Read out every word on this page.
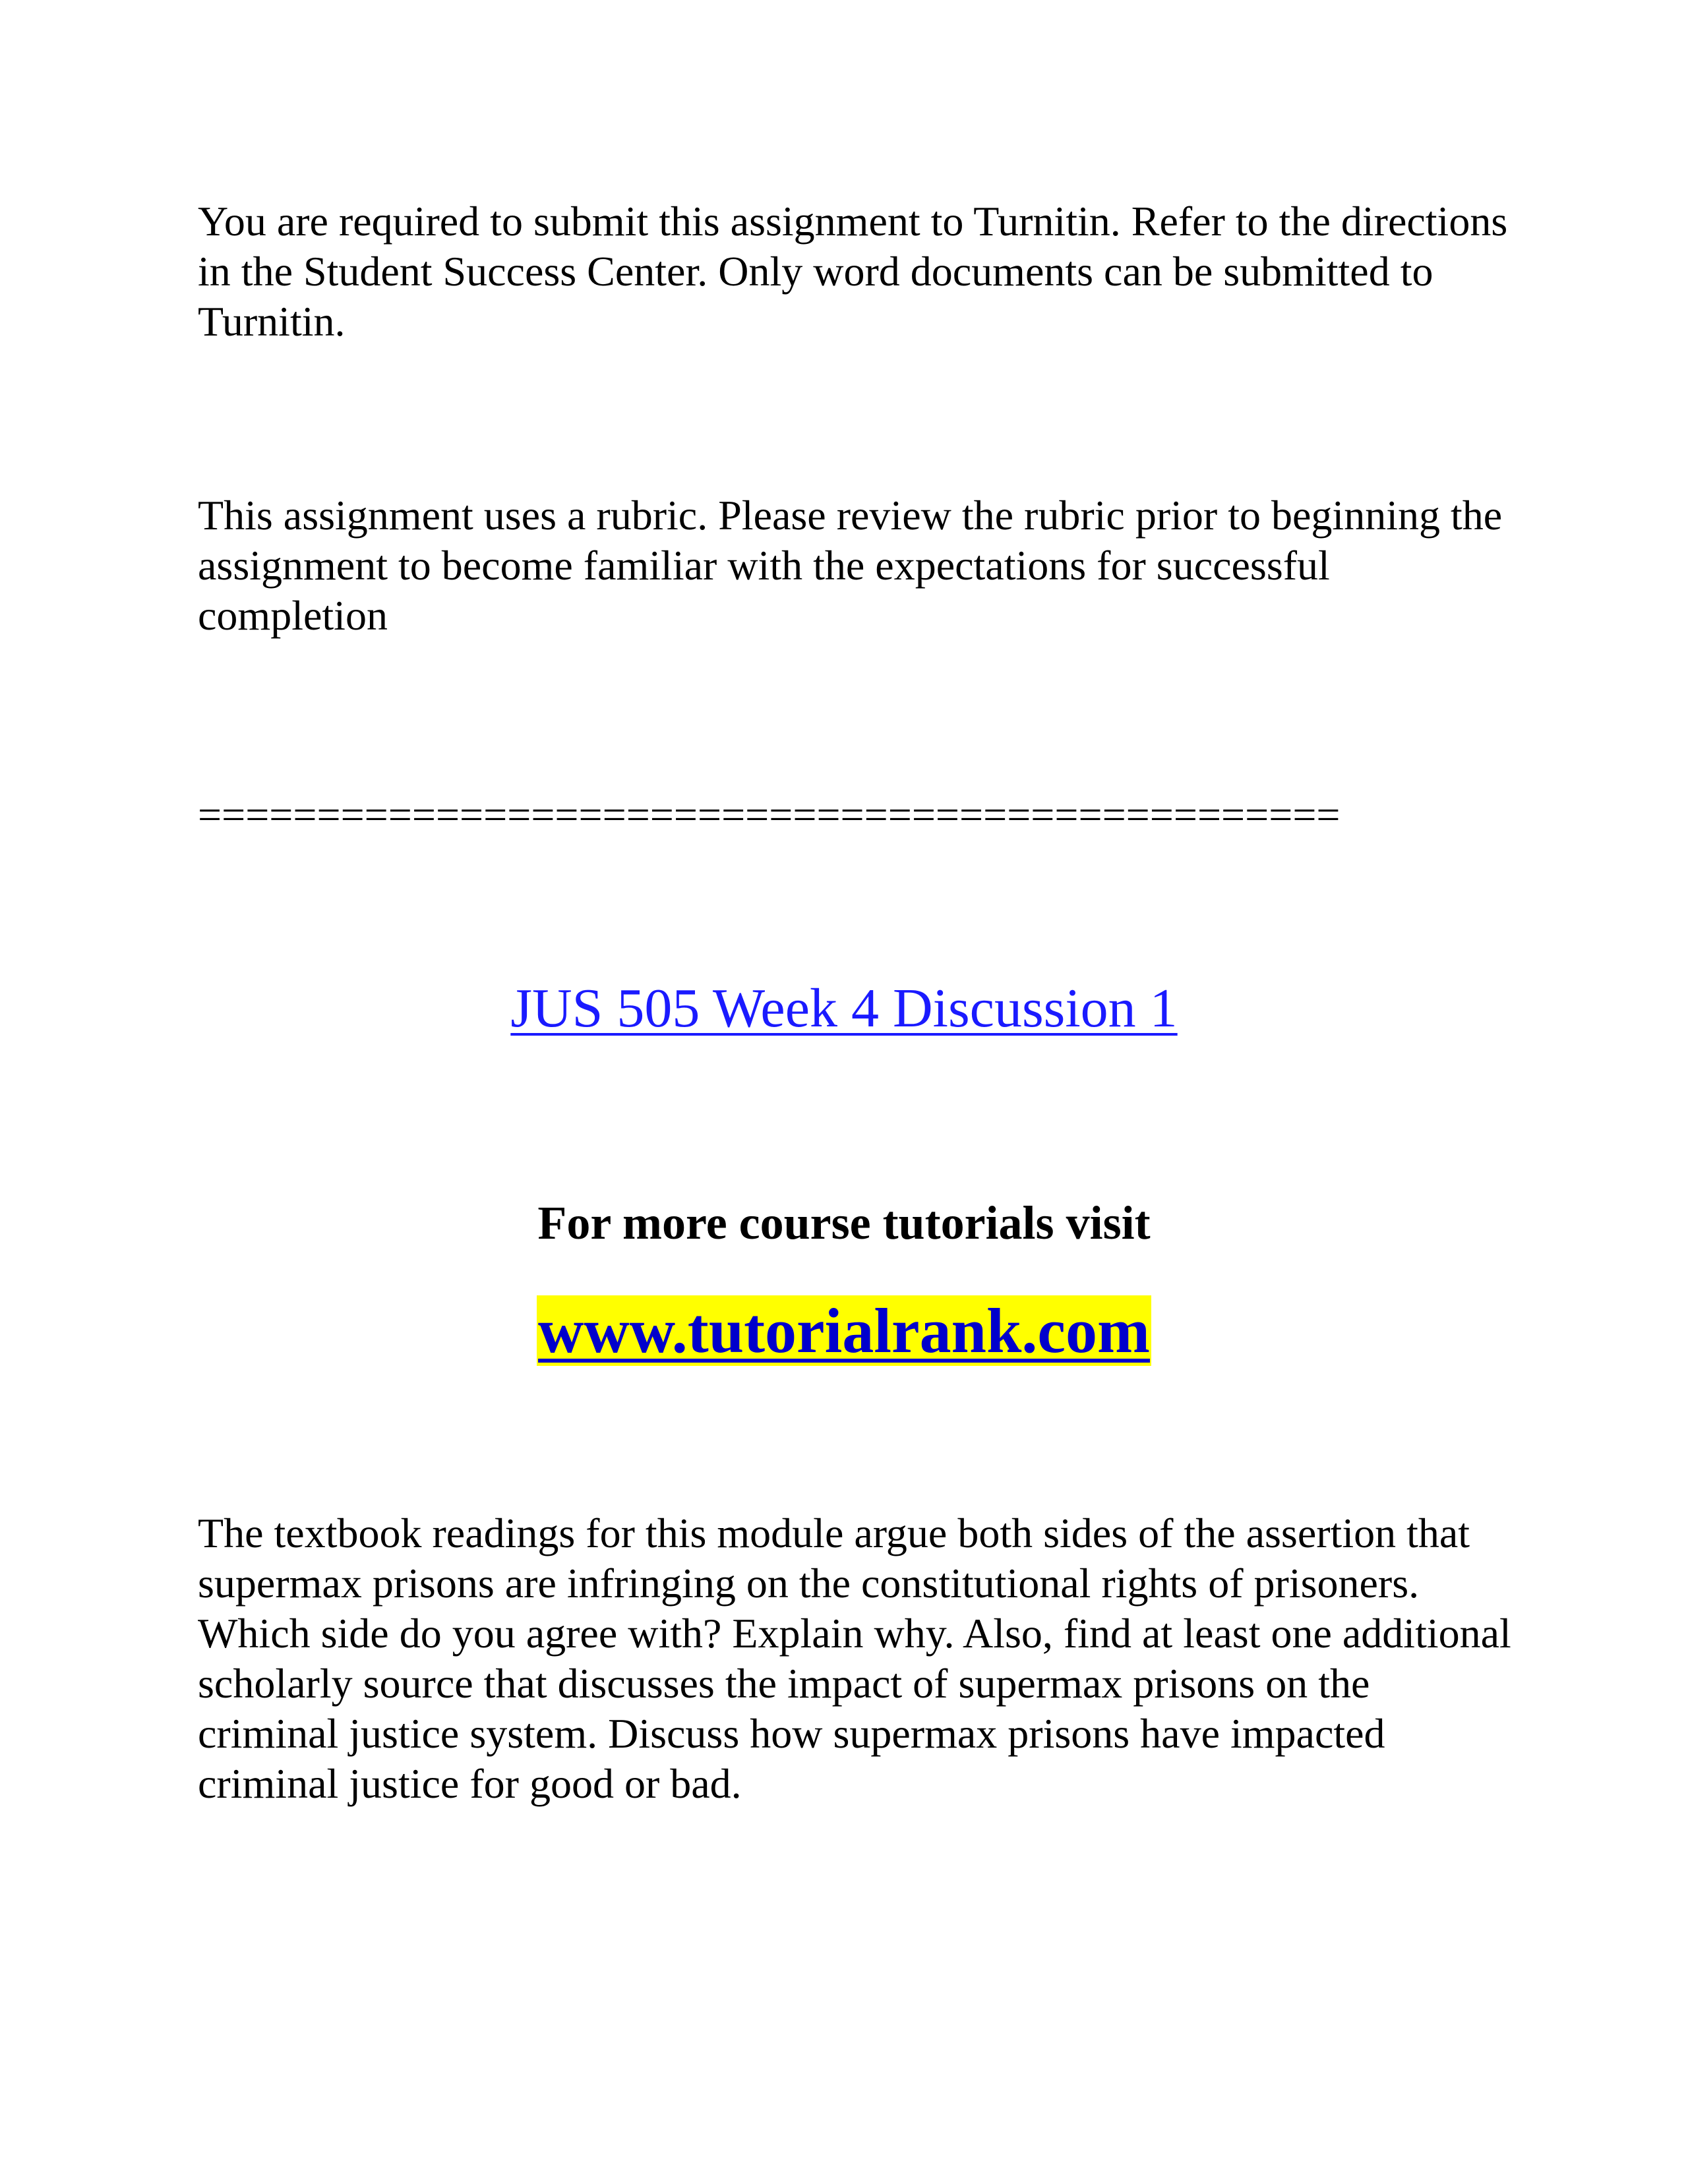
You are required to submit this assignment to Turnitin. Refer to the directions in the Student Success Center. Only word documents can be submitted to Turnitin.

This assignment uses a rubric. Please review the rubric prior to beginning the assignment to become familiar with the expectations for successful completion

================================================

JUS 505 Week 4 Discussion 1

For more course tutorials visit

www.tutorialrank.com

The textbook readings for this module argue both sides of the assertion that supermax prisons are infringing on the constitutional rights of prisoners. Which side do you agree with? Explain why. Also, find at least one additional scholarly source that discusses the impact of supermax prisons on the criminal justice system. Discuss how supermax prisons have impacted criminal justice for good or bad.
